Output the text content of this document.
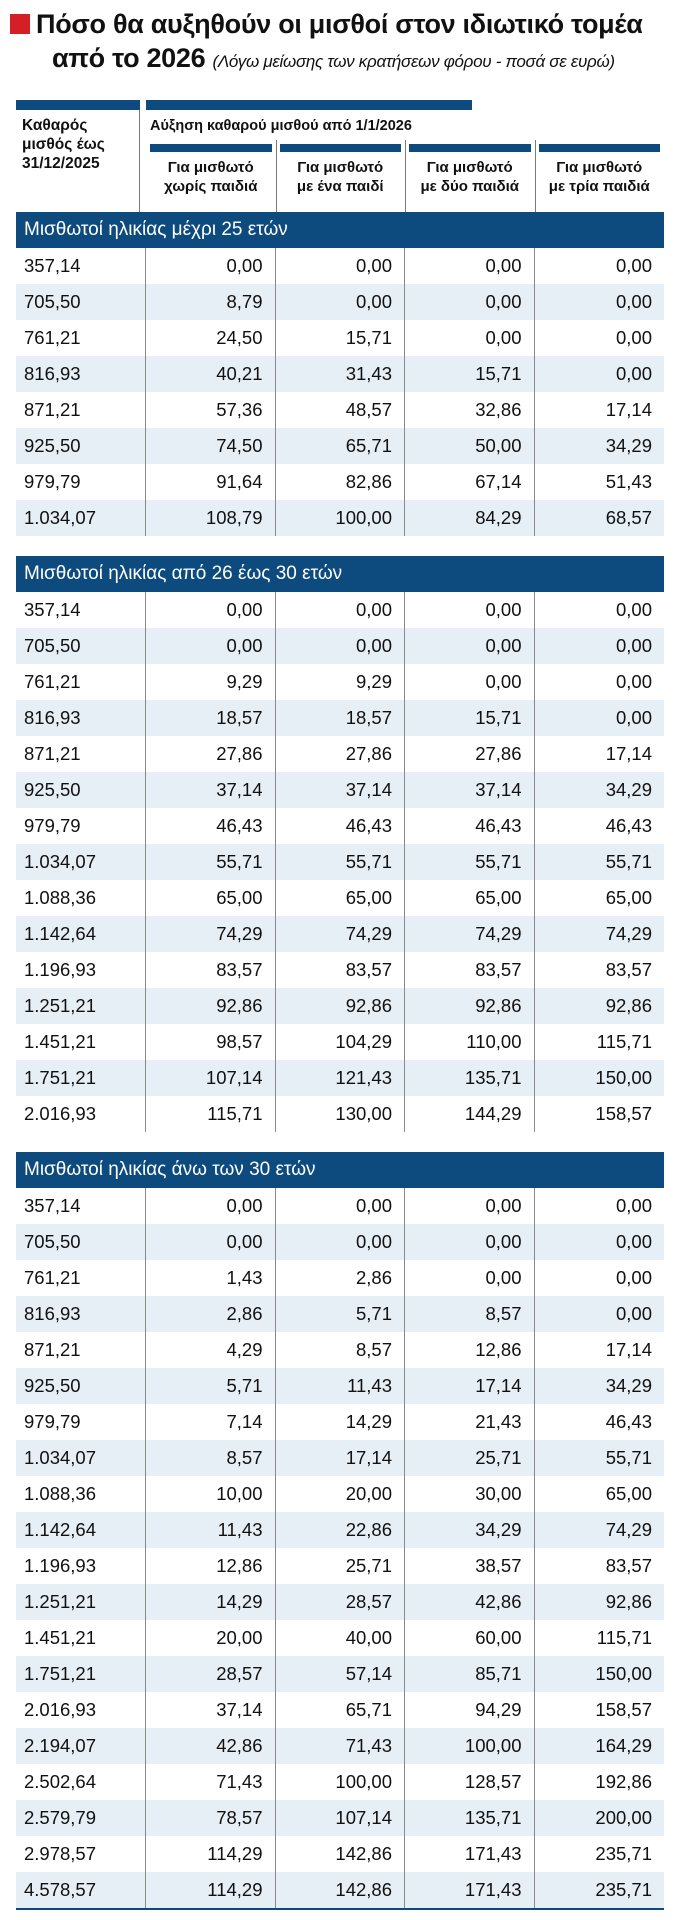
Πόσο θα αυξηθούν οι μισθοί στον ιδιωτικό τομέα
από το 2026 (Λόγω μείωσης των κρατήσεων φόρου - ποσά σε ευρώ)
Καθαρός
μισθός έως
31/12/2025
Αύξηση καθαρού μισθού από 1/1/2026
Για μισθωτό
χωρίς παιδιά
Για μισθωτό
με ένα παιδί
Για μισθωτό
με δύο παιδιά
Για μισθωτό
με τρία παιδιά
Μισθωτοί ηλικίας μέχρι 25 ετών
357,14	0,00	0,00	0,00	0,00
705,50	8,79	0,00	0,00	0,00
761,21	24,50	15,71	0,00	0,00
816,93	40,21	31,43	15,71	0,00
871,21	57,36	48,57	32,86	17,14
925,50	74,50	65,71	50,00	34,29
979,79	91,64	82,86	67,14	51,43
1.034,07	108,79	100,00	84,29	68,57
Μισθωτοί ηλικίας από 26 έως 30 ετών
357,14	0,00	0,00	0,00	0,00
705,50	0,00	0,00	0,00	0,00
761,21	9,29	9,29	0,00	0,00
816,93	18,57	18,57	15,71	0,00
871,21	27,86	27,86	27,86	17,14
925,50	37,14	37,14	37,14	34,29
979,79	46,43	46,43	46,43	46,43
1.034,07	55,71	55,71	55,71	55,71
1.088,36	65,00	65,00	65,00	65,00
1.142,64	74,29	74,29	74,29	74,29
1.196,93	83,57	83,57	83,57	83,57
1.251,21	92,86	92,86	92,86	92,86
1.451,21	98,57	104,29	110,00	115,71
1.751,21	107,14	121,43	135,71	150,00
2.016,93	115,71	130,00	144,29	158,57
Μισθωτοί ηλικίας άνω των 30 ετών
357,14	0,00	0,00	0,00	0,00
705,50	0,00	0,00	0,00	0,00
761,21	1,43	2,86	0,00	0,00
816,93	2,86	5,71	8,57	0,00
871,21	4,29	8,57	12,86	17,14
925,50	5,71	11,43	17,14	34,29
979,79	7,14	14,29	21,43	46,43
1.034,07	8,57	17,14	25,71	55,71
1.088,36	10,00	20,00	30,00	65,00
1.142,64	11,43	22,86	34,29	74,29
1.196,93	12,86	25,71	38,57	83,57
1.251,21	14,29	28,57	42,86	92,86
1.451,21	20,00	40,00	60,00	115,71
1.751,21	28,57	57,14	85,71	150,00
2.016,93	37,14	65,71	94,29	158,57
2.194,07	42,86	71,43	100,00	164,29
2.502,64	71,43	100,00	128,57	192,86
2.579,79	78,57	107,14	135,71	200,00
2.978,57	114,29	142,86	171,43	235,71
4.578,57	114,29	142,86	171,43	235,71
